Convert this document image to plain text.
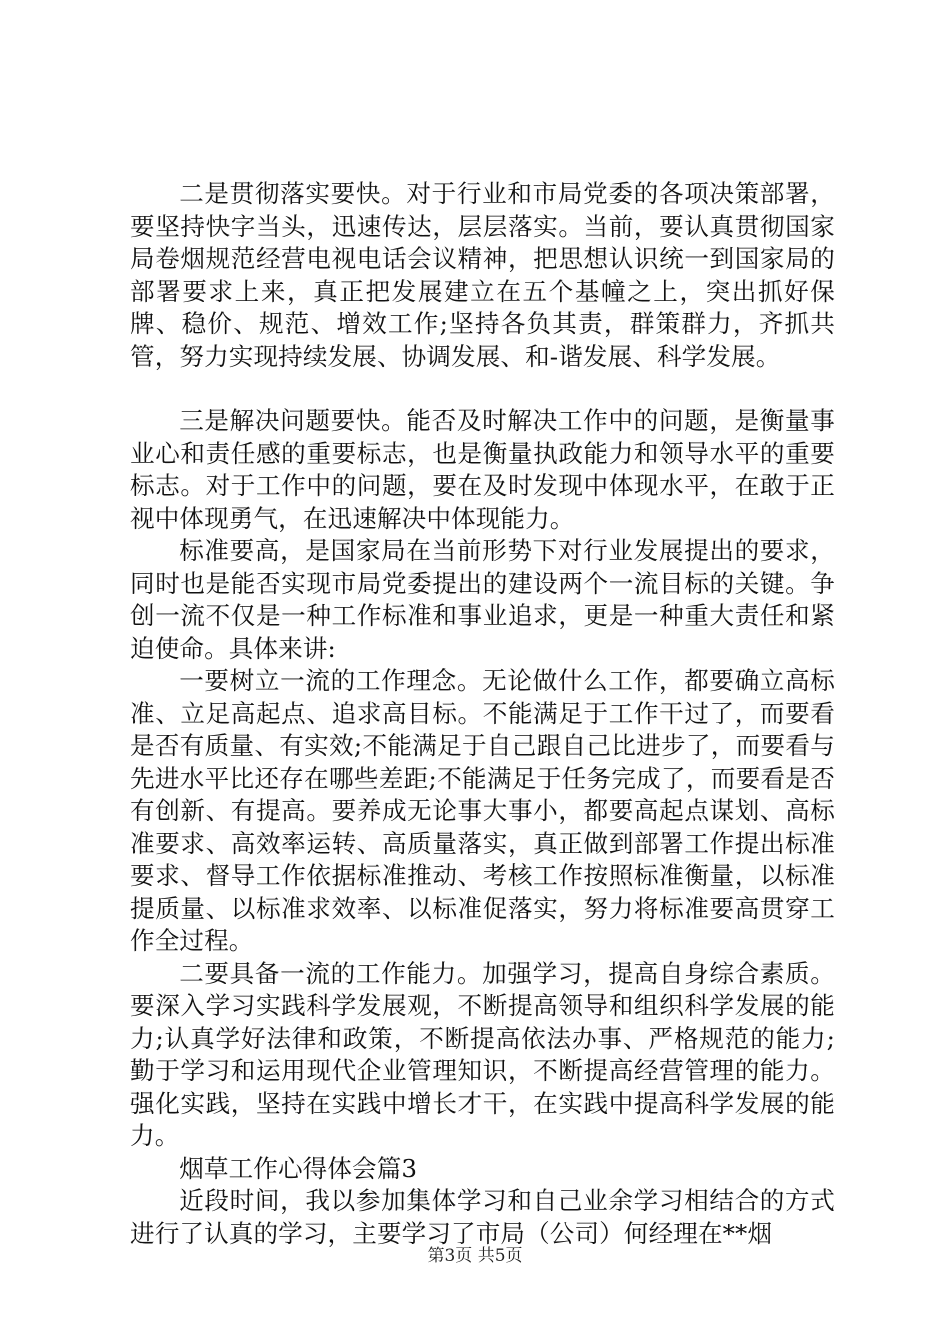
二是贯彻落实要快。对于行业和市局党委的各项决策部署，要坚持快字当头，迅速传达，层层落实。当前，要认真贯彻国家局卷烟规范经营电视电话会议精神，把思想认识统一到国家局的部署要求上来，真正把发展建立在五个基幢之上，突出抓好保牌、稳价、规范、增效工作;坚持各负其责，群策群力，齐抓共管，努力实现持续发展、协调发展、和-谐发展、科学发展。

三是解决问题要快。能否及时解决工作中的问题，是衡量事业心和责任感的重要标志，也是衡量执政能力和领导水平的重要标志。对于工作中的问题，要在及时发现中体现水平，在敢于正视中体现勇气，在迅速解决中体现能力。

标准要高，是国家局在当前形势下对行业发展提出的要求，同时也是能否实现市局党委提出的建设两个一流目标的关键。争创一流不仅是一种工作标准和事业追求，更是一种重大责任和紧迫使命。具体来讲:

一要树立一流的工作理念。无论做什么工作，都要确立高标准、立足高起点、追求高目标。不能满足于工作干过了，而要看是否有质量、有实效;不能满足于自己跟自己比进步了，而要看与先进水平比还存在哪些差距;不能满足于任务完成了，而要看是否有创新、有提高。要养成无论事大事小，都要高起点谋划、高标准要求、高效率运转、高质量落实，真正做到部署工作提出标准要求、督导工作依据标准推动、考核工作按照标准衡量，以标准提质量、以标准求效率、以标准促落实，努力将标准要高贯穿工作全过程。

二要具备一流的工作能力。加强学习，提高自身综合素质。要深入学习实践科学发展观，不断提高领导和组织科学发展的能力;认真学好法律和政策，不断提高依法办事、严格规范的能力;勤于学习和运用现代企业管理知识，不断提高经营管理的能力。强化实践，坚持在实践中增长才干，在实践中提高科学发展的能力。

烟草工作心得体会篇3

近段时间，我以参加集体学习和自己业余学习相结合的方式进行了认真的学习，主要学习了市局（公司）何经理在**烟

第3页 共5页
